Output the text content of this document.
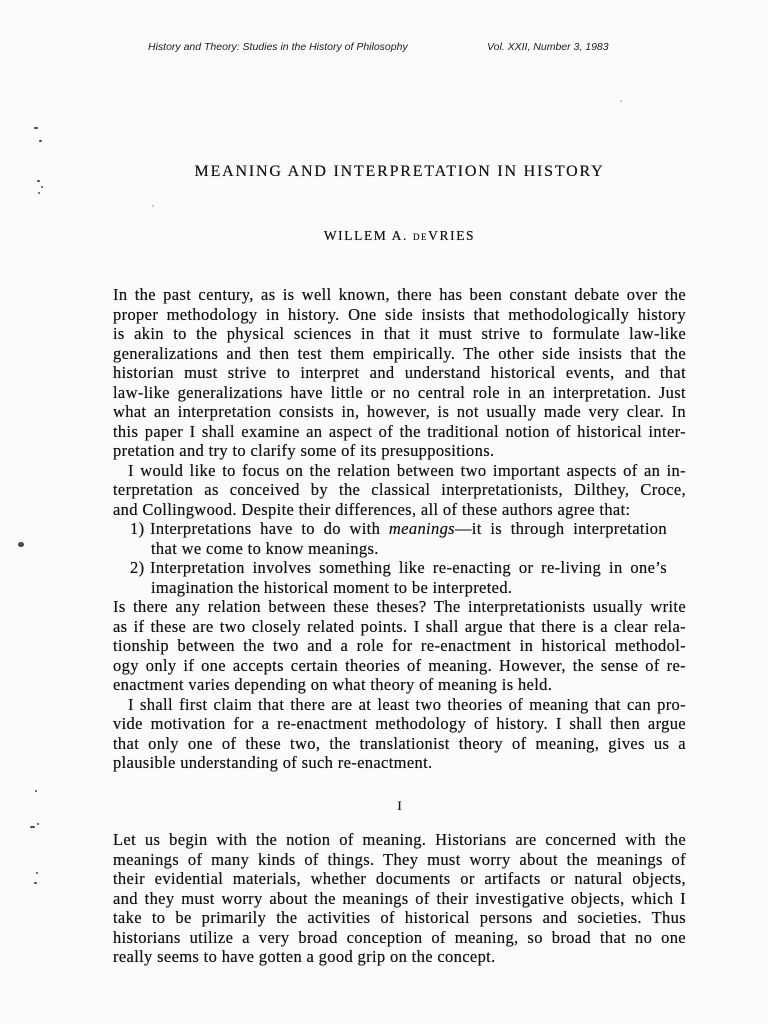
History and Theory: Studies in the History of Philosophy	Vol. XXII, Number 3, 1983
MEANING AND INTERPRETATION IN HISTORY
WILLEM A. deVRIES
In the past century, as is well known, there has been constant debate over the
proper methodology in history. One side insists that methodologically history
is akin to the physical sciences in that it must strive to formulate law-like
generalizations and then test them empirically. The other side insists that the
historian must strive to interpret and understand historical events, and that
law-like generalizations have little or no central role in an interpretation. Just
what an interpretation consists in, however, is not usually made very clear. In
this paper I shall examine an aspect of the traditional notion of historical inter-
pretation and try to clarify some of its presuppositions.
I would like to focus on the relation between two important aspects of an in-
terpretation as conceived by the classical interpretationists, Dilthey, Croce,
and Collingwood. Despite their differences, all of these authors agree that:
1) Interpretations have to do with meanings—it is through interpretation
that we come to know meanings.
2) Interpretation involves something like re-enacting or re-living in one’s
imagination the historical moment to be interpreted.
Is there any relation between these theses? The interpretationists usually write
as if these are two closely related points. I shall argue that there is a clear rela-
tionship between the two and a role for re-enactment in historical methodol-
ogy only if one accepts certain theories of meaning. However, the sense of re-
enactment varies depending on what theory of meaning is held.
I shall first claim that there are at least two theories of meaning that can pro-
vide motivation for a re-enactment methodology of history. I shall then argue
that only one of these two, the translationist theory of meaning, gives us a
plausible understanding of such re-enactment.
I
Let us begin with the notion of meaning. Historians are concerned with the
meanings of many kinds of things. They must worry about the meanings of
their evidential materials, whether documents or artifacts or natural objects,
and they must worry about the meanings of their investigative objects, which I
take to be primarily the activities of historical persons and societies. Thus
historians utilize a very broad conception of meaning, so broad that no one
really seems to have gotten a good grip on the concept.
